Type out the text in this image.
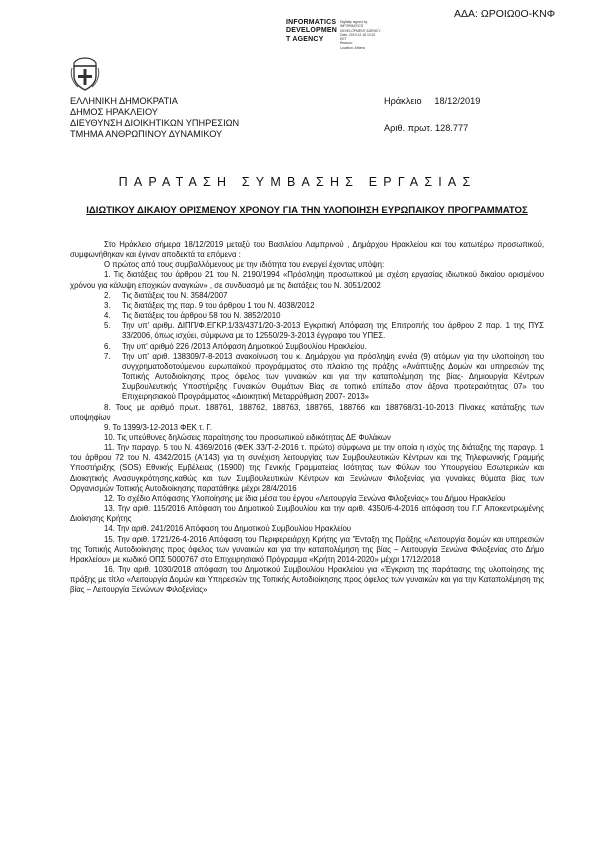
ΑΔΑ: ΩΡΟΙΩ0Ο-ΚΝΦ
INFORMATICS
DEVELOPMEN
T AGENCY
Digitally signed by
INFORMATICS
DEVELOPMENT AGENCY
Date: 2019.12.18 10:22
EET
Reason:
Location: Athens
ΕΛΛΗΝΙΚΗ ΔΗΜΟΚΡΑΤΙΑ
ΔΗΜΟΣ ΗΡΑΚΛΕΙΟΥ
ΔΙΕΥΘΥΝΣΗ ΔΙΟΙΚΗΤΙΚΩΝ ΥΠΗΡΕΣΙΩΝ
ΤΜΗΜΑ ΑΝΘΡΩΠΙΝΟΥ ΔΥΝΑΜΙΚΟΥ
Ηράκλειο 18/12/2019
Αριθ. πρωτ. 128.777
ΠΑΡΑΤΑΣΗ ΣΥΜΒΑΣΗΣ ΕΡΓΑΣΙΑΣ
ΙΔΙΩΤΙΚΟΥ ΔΙΚΑΙΟΥ ΟΡΙΣΜΕΝΟΥ ΧΡΟΝΟΥ ΓΙΑ ΤΗΝ ΥΛΟΠΟΙΗΣΗ ΕΥΡΩΠΑΙΚΟΥ ΠΡΟΓΡΑΜΜΑΤΟΣ

Στο Ηράκλειο σήμερα 18/12/2019 μεταξύ του Βασιλείου Λαμπρινού , Δημάρχου Ηρακλείου και του κατωτέρω προσωπικού, συμφωνήθηκαν και έγιναν αποδεκτά τα επόμενα :

Ο πρώτος από τους συμβαλλόμενους με την ιδιότητα του ενεργεί έχοντας υπόψη:

1. Τις διατάξεις του άρθρου 21 του Ν. 2190/1994 «Πρόσληψη προσωπικού με σχέση εργασίας ιδιωτικού δικαίου ορισμένου χρόνου για κάλυψη εποχικών αναγκών» , σε συνδυασμό με τις διατάξεις του Ν. 3051/2002

2.	Τις διατάξεις του Ν. 3584/2007
3.	Τις διατάξεις της παρ. 9 του άρθρου 1 του Ν. 4038/2012
4.	Τις διατάξεις του άρθρου 58 του Ν. 3852/2010
5.	Την υπ' αριθμ. ΔΙΠΠ/Φ.ΕΓΚΡ.1/33/4371/20-3-2013 Εγκριτική Απόφαση της Επιτροπής του άρθρου 2 παρ. 1 της ΠΥΣ 33/2006, όπως ισχύει, σύμφωνα με το 12550/29-3-2013 έγγραφο του ΥΠΕΣ.
6.	Την υπ' αριθμό 226 /2013 Απόφαση Δημοτικού Συμβουλίου Ηρακλείου.
7.	Την υπ' αριθ. 138309/7-8-2013 ανακοίνωση του κ. Δημάρχου για πρόσληψη εννέα (9) ατόμων για την υλοποίηση του συγχρηματοδοτούμενου ευρωπαϊκού προγράμματος στο πλαίσιο της πράξης «Ανάπτυξης Δομών και υπηρεσιών της Τοπικής Αυτοδιοίκησης προς όφελος των γυναικών και για την καταπολέμηση της βίας- Δημιουργία Κέντρων Συμβουλευτικής Υποστήριξης Γυναικών Θυμάτων Βίας σε τοπικό επίπεδο στον άξονα προτεραιότητας 07» του Επιχειρησιακού Προγράμματος «Διοικητική Μεταρρύθμιση 2007- 2013»

8. Τους με αριθμό πρωτ. 188761, 188762, 188763, 188765, 188766 και 188768/31-10-2013 Πίνακες κατάταξης των υποψηφίων

9. Το 1399/3-12-2013 ΦΕΚ τ. Γ.

10. Τις υπεύθυνες δηλώσεις παραίτησης του προσωπικού ειδικότητας ΔΕ Φυλάκων

11. Την παραγρ. 5 του Ν. 4369/2016 (ΦΕΚ 33/Τ-2-2016 τ. πρώτο) σύμφωνα με την οποία η ισχύς της διάταξης της παραγρ. 1 του άρθρου 72 του Ν. 4342/2015 (Α'143) για τη συνέχιση λειτουργίας των Συμβουλευτικών Κέντρων και της Τηλεφωνικής Γραμμής Υποστήριξης (SOS) Εθνικής Εμβέλειας (15900) της Γενικής Γραμματείας Ισότητας των Φύλων του Υπουργείου Εσωτερικών και Διοικητικής Ανασυγκρότησης,καθώς και των Συμβουλευτικών Κέντρων και Ξενώνων Φιλοξενίας για γυναίκες θύματα βίας των Οργανισμών Τοπικής Αυτοδιοίκησης παρατάθηκε μέχρι 28/4/2016

12. Το σχέδιο Απόφασης Υλοποίησης με ίδια μέσα του έργου «Λειτουργία Ξενώνα Φιλοξενίας» του Δήμου Ηρακλείου

13. Την αριθ. 115/2016 Απόφαση του Δημοτικού Συμβουλίου και την αριθ. 4350/6-4-2016 απόφαση του Γ.Γ Αποκεντρωμένης Διοίκησης Κρήτης

14. Την αριθ. 241/2016 Απόφαση του Δημοτικού Συμβουλίου Ηρακλείου

15. Την αριθ. 1721/26-4-2016 Απόφαση του Περιφερειάρχη Κρήτης για 'Ένταξη της Πράξης «Λειτουργία δομών και υπηρεσιών της Τοπικής Αυτοδιοίκησης προς όφελος των γυναικών και για την καταπολέμηση της βίας – Λειτουργία Ξενώνα Φιλοξενίας στο Δήμο Ηρακλείου» με κωδικό ΟΠΣ 5000767 στο Επιχειρησιακό Πρόγραμμα «Κρήτη 2014-2020» μέχρι 17/12/2018

16. Την αριθ. 1030/2018 απόφαση του Δημοτικού Συμβουλίου Ηρακλείου για «Έγκριση της παράτασης της υλοποίησης της πράξης με τίτλο «Λειτουργία Δομών και Υπηρεσιών της Τοπικής Αυτοδιοίκησης προς όφελος των γυναικών και για την Καταπολέμηση της βίας – Λειτουργία Ξενώνων Φιλοξενίας»
